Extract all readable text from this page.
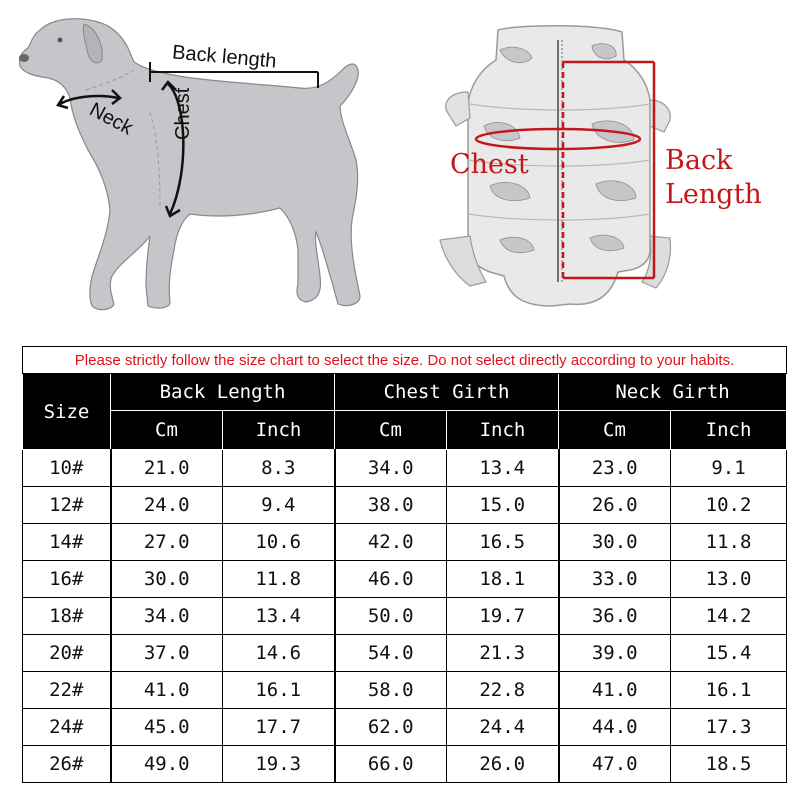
Back length
Neck Chest
Chest	Back
Length
Please strictly follow the size chart to select the size. Do not select directly according to your habits.						
Size	Back Length		Chest Girth		Neck Girth	
	Cm	Inch	Cm	Inch	Cm	Inch
10#	21.0	8.3	34.0	13.4	23.0	9.1
12#	24.0	9.4	38.0	15.0	26.0	10.2
14#	27.0	10.6	42.0	16.5	30.0	11.8
16#	30.0	11.8	46.0	18.1	33.0	13.0
18#	34.0	13.4	50.0	19.7	36.0	14.2
20#	37.0	14.6	54.0	21.3	39.0	15.4
22#	41.0	16.1	58.0	22.8	41.0	16.1
24#	45.0	17.7	62.0	24.4	44.0	17.3
26#	49.0	19.3	66.0	26.0	47.0	18.5
